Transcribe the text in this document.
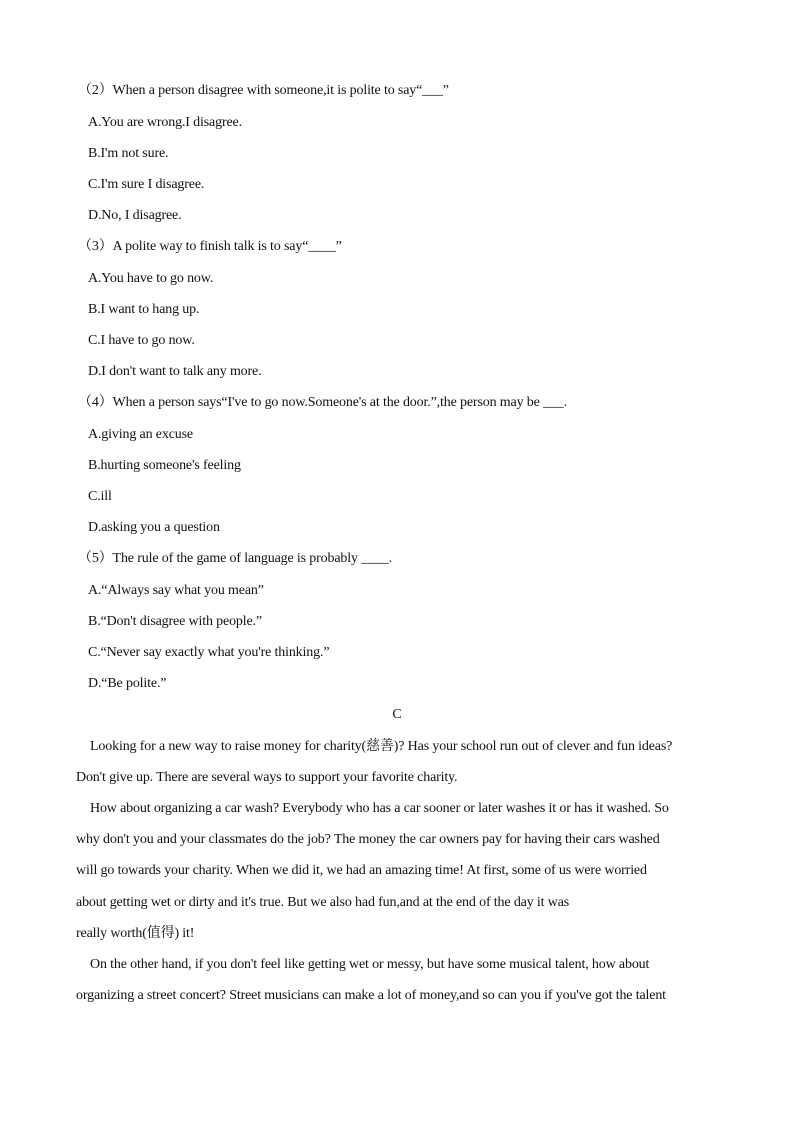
（2）When a person disagree with someone,it is polite to say“___”
A.You are wrong.I disagree.
B.I'm not sure.
C.I'm sure I disagree.
D.No, I disagree.
（3）A polite way to finish talk is to say“____”
A.You have to go now.
B.I want to hang up.
C.I have to go now.
D.I don't want to talk any more.
（4）When a person says“I've to go now.Someone's at the door.”,the person may be ___.
A.giving an excuse
B.hurting someone's feeling
C.ill
D.asking you a question
（5）The rule of the game of language is probably ____.
A.“Always say what you mean”
B.“Don't disagree with people.”
C.“Never say exactly what you're thinking.”
D.“Be polite.”
C
Looking for a new way to raise money for charity(慈善)? Has your school run out of clever and fun ideas?
Don't give up. There are several ways to support your favorite charity.
How about organizing a car wash? Everybody who has a car sooner or later washes it or has it washed. So
why don't you and your classmates do the job? The money the car owners pay for having their cars washed
will go towards your charity. When we did it, we had an amazing time! At first, some of us were worried
about getting wet or dirty and it's true. But we also had fun,and at the end of the day it was
really worth(值得) it!
On the other hand, if you don't feel like getting wet or messy, but have some musical talent, how about
organizing a street concert? Street musicians can make a lot of money,and so can you if you've got the talent
